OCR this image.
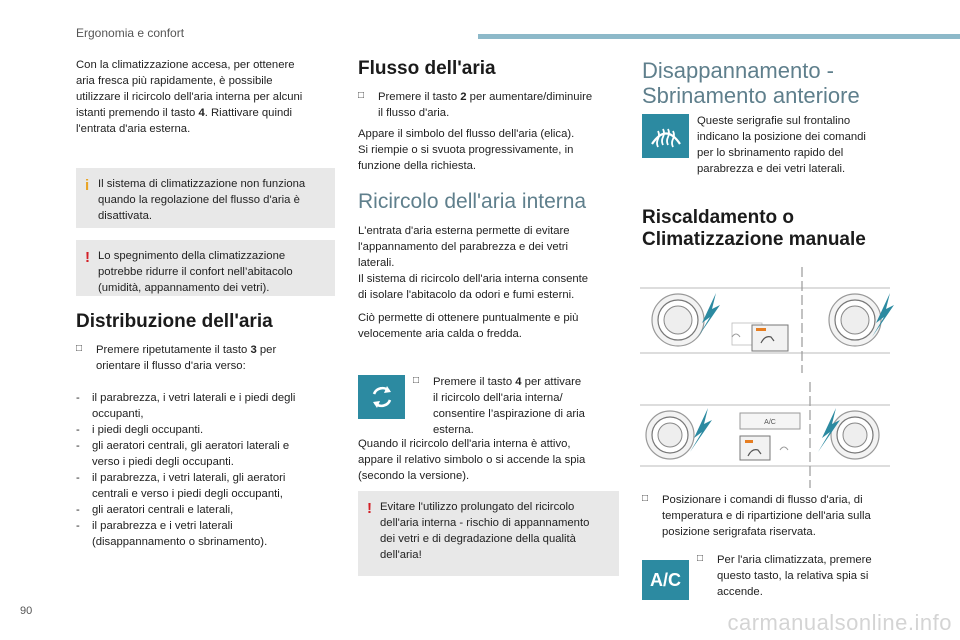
Ergonomia e confort

Con la climatizzazione accesa, per ottenere

aria fresca più rapidamente, è possibile

utilizzare il ricircolo dell'aria interna per alcuni

istanti premendo il tasto 4. Riattivare quindi

l'entrata d'aria esterna.

i Il sistema di climatizzazione non funziona
quando la regolazione del flusso d'aria è
disattivata.
! Lo spegnimento della climatizzazione
potrebbe ridurre il confort nell’abitacolo
(umidità, appannamento dei vetri).
Distribuzione dell'aria
□	Premere ripetutamente il tasto 3 per

orientare il flusso d'aria verso:

-	il parabrezza, i vetri laterali e i piedi degli
occupanti,
-	i piedi degli occupanti.
-	gli aeratori centrali, gli aeratori laterali e
verso i piedi degli occupanti.
-	il parabrezza, i vetri laterali, gli aeratori
centrali e verso i piedi degli occupanti,
-	gli aeratori centrali e laterali,
-	il parabrezza e i vetri laterali
(disappannamento o sbrinamento).
Flusso dell'aria
□	Premere il tasto 2 per aumentare/diminuire

il flusso d'aria.

Appare il simbolo del flusso dell'aria (elica).

Si riempie o si svuota progressivamente, in

funzione della richiesta.

Ricircolo dell'aria interna

L'entrata d'aria esterna permette di evitare

l'appannamento del parabrezza e dei vetri

laterali.

Il sistema di ricircolo dell'aria interna consente

di isolare l'abitacolo da odori e fumi esterni.

Ciò permette di ottenere puntualmente e più

velocemente aria calda o fredda.

□	Premere il tasto 4 per attivare

il ricircolo dell'aria interna/

consentire l’aspirazione di aria

esterna.

Quando il ricircolo dell'aria interna è attivo,

appare il relativo simbolo o si accende la spia

(secondo la versione).

! Evitare l'utilizzo prolungato del ricircolo
dell'aria interna - rischio di appannamento
dei vetri e di degradazione della qualità
dell'aria!
Disappannamento -
Sbrinamento anteriore

Queste serigrafie sul frontalino

indicano la posizione dei comandi

per lo sbrinamento rapido del

parabrezza e dei vetri laterali.

Riscaldamento o
Climatizzazione manuale
A/C
□	Posizionare i comandi di flusso d'aria, di

temperatura e di ripartizione dell'aria sulla

posizione serigrafata riservata.

A/C
□	Per l'aria climatizzata, premere

questo tasto, la relativa spia si

accende.

90	carmanualsonline.info
